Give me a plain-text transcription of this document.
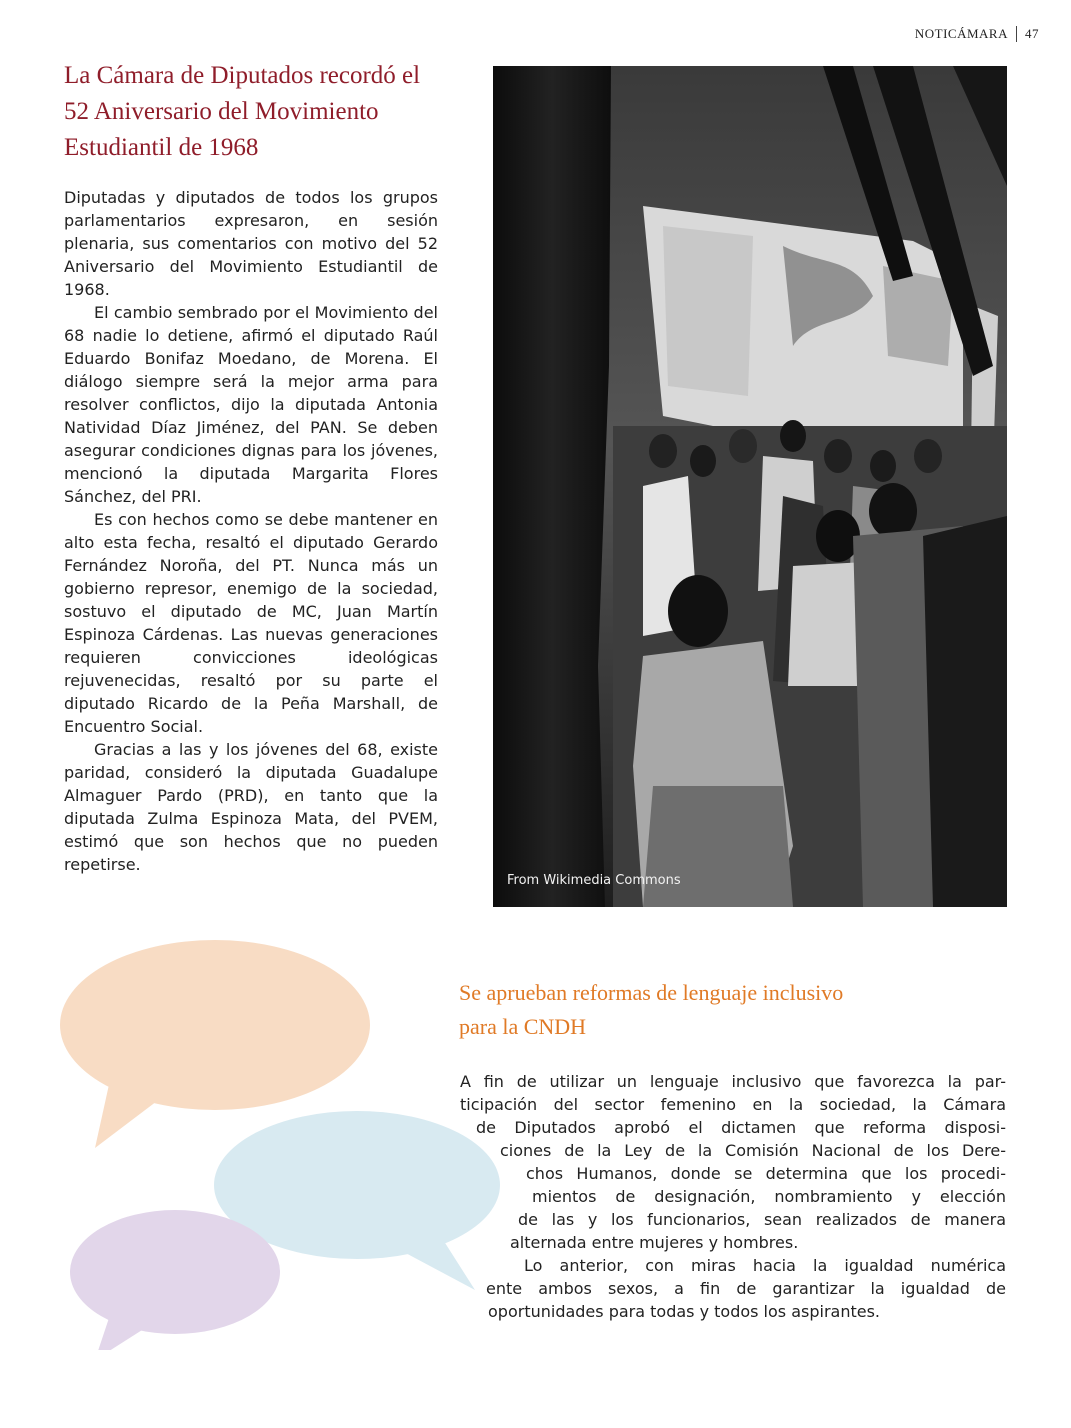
NOTICÁMARA 47
La Cámara de Diputados recordó el 52 Aniversario del Movimiento Estudiantil de 1968

Diputadas y diputados de todos los grupos parlamentarios expresaron, en sesión plenaria, sus comentarios con motivo del 52 Aniversario del Movimiento Estudiantil de 1968.

El cambio sembrado por el Movimiento del 68 nadie lo detiene, afirmó el diputado Raúl Eduardo Bonifaz Moedano, de Morena. El diálogo siempre será la mejor arma para resolver conflictos, dijo la diputada Antonia Natividad Díaz Jiménez, del PAN. Se deben asegurar condiciones dignas para los jóvenes, mencionó la diputada Margarita Flores Sánchez, del PRI.

Es con hechos como se debe mantener en alto esta fecha, resaltó el diputado Gerardo Fernández Noroña, del PT. Nunca más un gobierno represor, enemigo de la sociedad, sostuvo el diputado de MC, Juan Martín Espinoza Cárdenas. Las nuevas generaciones requieren convicciones ideológicas rejuvenecidas, resaltó por su parte el diputado Ricardo de la Peña Marshall, de Encuentro Social.

Gracias a las y los jóvenes del 68, existe paridad, consideró la diputada Guadalupe Almaguer Pardo (PRD), en tanto que la diputada Zulma Espinoza Mata, del PVEM, estimó que son hechos que no pueden repetirse.

From Wikimedia Commons
Se aprueban reformas de lenguaje inclusivo
para la CNDH
A fin de utilizar un lenguaje inclusivo que favorezca la par-
ticipación del sector femenino en la sociedad, la Cámara
de Diputados aprobó el dictamen que reforma disposi-
ciones de la Ley de la Comisión Nacional de los Dere-
chos Humanos, donde se determina que los procedi-
mientos de designación, nombramiento y elección
de las y los funcionarios, sean realizados de manera
alternada entre mujeres y hombres.
Lo anterior, con miras hacia la igualdad numérica
ente ambos sexos, a fin de garantizar la igualdad de
oportunidades para todas y todos los aspirantes.
